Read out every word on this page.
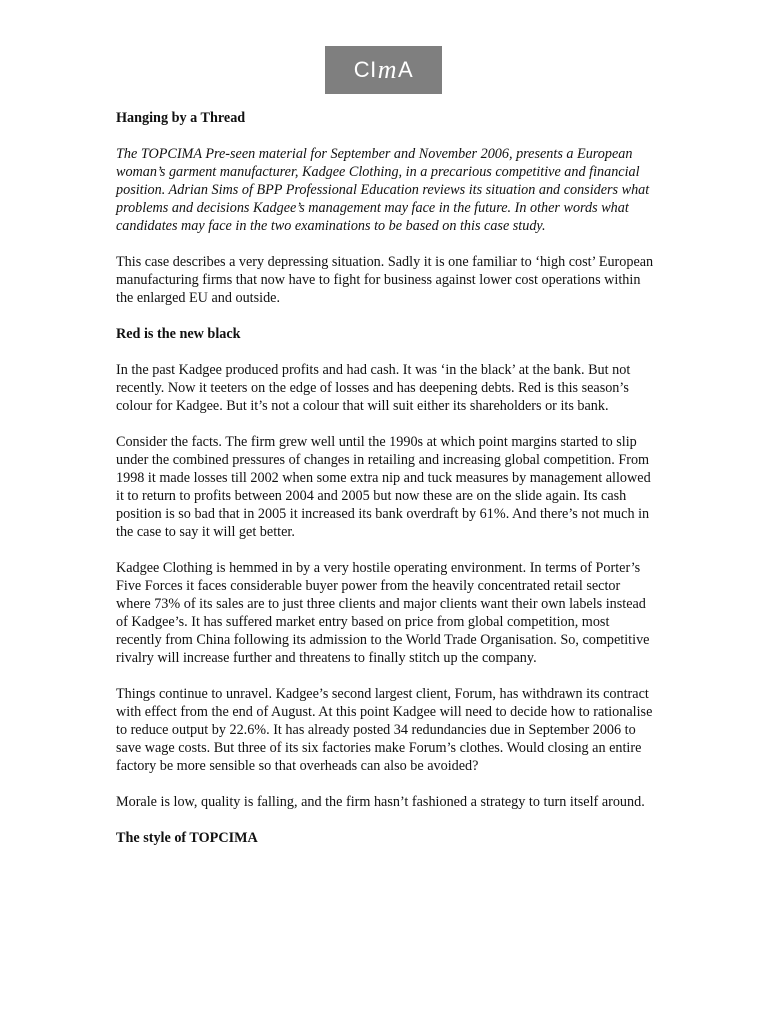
CI m A

Hanging by a Thread

The TOPCIMA Pre-seen material for September and November 2006, presents a European woman’s garment manufacturer, Kadgee Clothing, in a precarious competitive and financial position. Adrian Sims of BPP Professional Education reviews its situation and considers what problems and decisions Kadgee’s management may face in the future. In other words what candidates may face in the two examinations to be based on this case study.

This case describes a very depressing situation. Sadly it is one familiar to ‘high cost’ European manufacturing firms that now have to fight for business against lower cost operations within the enlarged EU and outside.

Red is the new black

In the past Kadgee produced profits and had cash. It was ‘in the black’ at the bank. But not recently. Now it teeters on the edge of losses and has deepening debts. Red is this season’s colour for Kadgee. But it’s not a colour that will suit either its shareholders or its bank.

Consider the facts. The firm grew well until the 1990s at which point margins started to slip under the combined pressures of changes in retailing and increasing global competition. From 1998 it made losses till 2002 when some extra nip and tuck measures by management allowed it to return to profits between 2004 and 2005 but now these are on the slide again. Its cash position is so bad that in 2005 it increased its bank overdraft by 61%. And there’s not much in the case to say it will get better.

Kadgee Clothing is hemmed in by a very hostile operating environment. In terms of Porter’s Five Forces it faces considerable buyer power from the heavily concentrated retail sector where 73% of its sales are to just three clients and major clients want their own labels instead of Kadgee’s. It has suffered market entry based on price from global competition, most recently from China following its admission to the World Trade Organisation. So, competitive rivalry will increase further and threatens to finally stitch up the company.

Things continue to unravel. Kadgee’s second largest client, Forum, has withdrawn its contract with effect from the end of August. At this point Kadgee will need to decide how to rationalise to reduce output by 22.6%. It has already posted 34 redundancies due in September 2006 to save wage costs. But three of its six factories make Forum’s clothes. Would closing an entire factory be more sensible so that overheads can also be avoided?

Morale is low, quality is falling, and the firm hasn’t fashioned a strategy to turn itself around.

The style of TOPCIMA
